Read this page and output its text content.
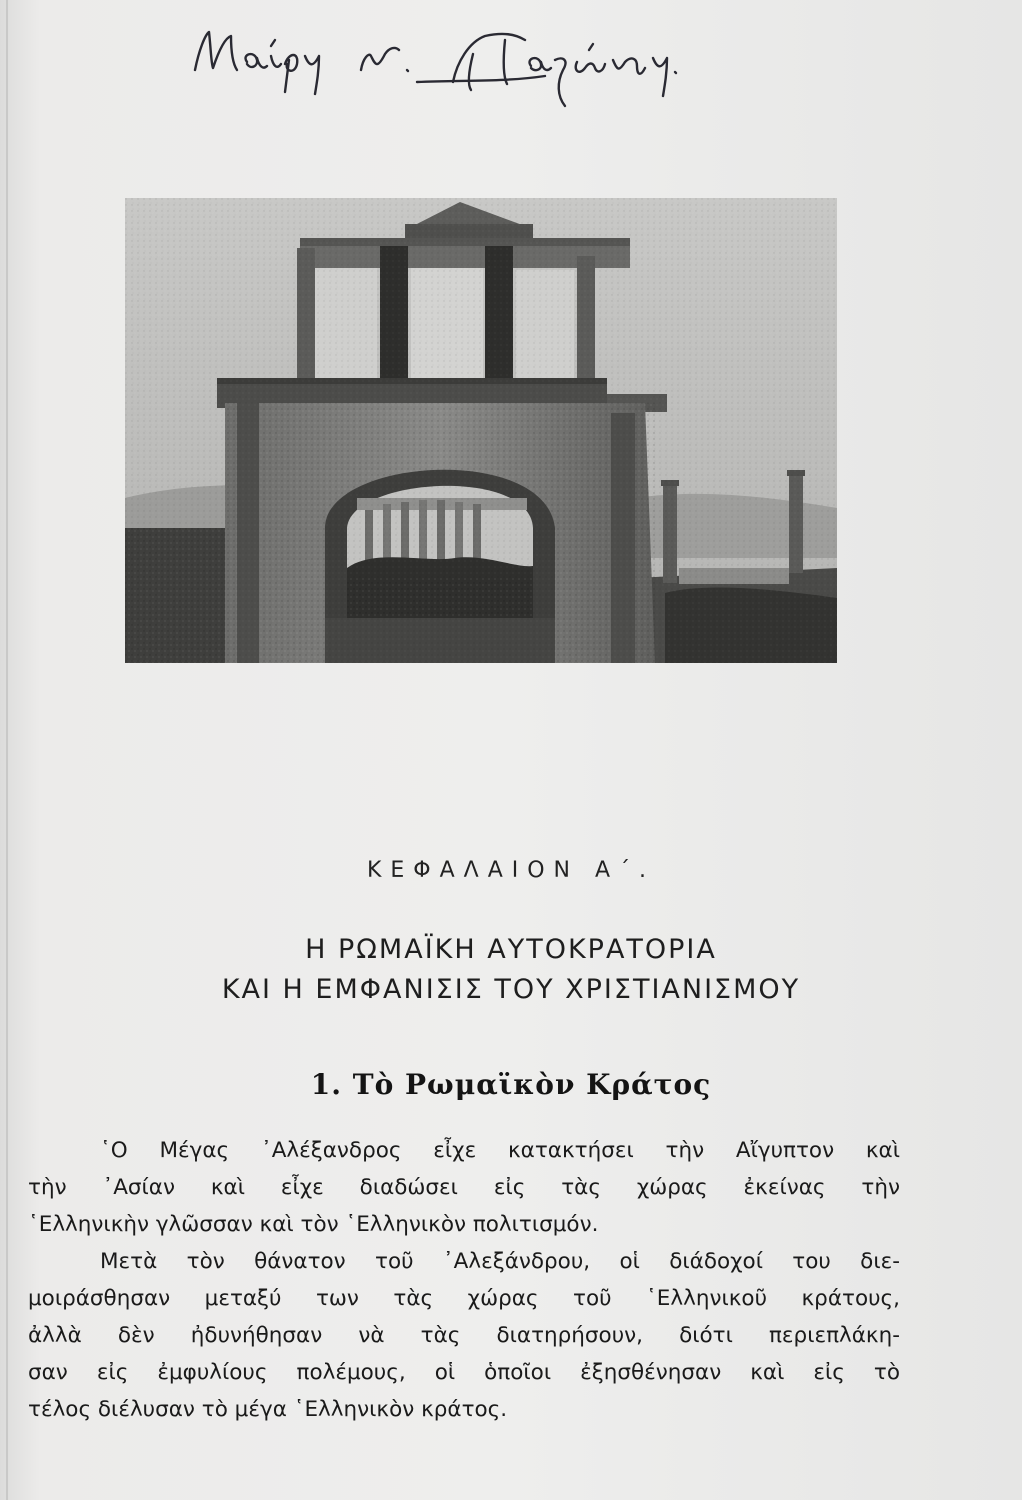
ΚΕΦΑΛΑΙΟΝ Α΄.
Η ΡΩΜΑΪΚΗ ΑΥΤΟΚΡΑΤΟΡΙΑ
ΚΑΙ Η ΕΜΦΑΝΙΣΙΣ ΤΟΥ ΧΡΙΣΤΙΑΝΙΣΜΟΥ
1. Τὸ Ρωμαϊκὸν Κράτος
῾Ο Μέγας ᾿Αλέξανδρος εἶχε κατακτήσει τὴν Αἴγυπτον καὶ
τὴν ᾿Ασίαν καὶ εἶχε διαδώσει εἰς τὰς χώρας ἐκείνας τὴν
῾Ελληνικὴν γλῶσσαν καὶ τὸν ῾Ελληνικὸν πολιτισμόν.
Μετὰ τὸν θάνατον τοῦ ᾿Αλεξάνδρου, οἱ διάδοχοί του διε-
μοιράσθησαν μεταξύ των τὰς χώρας τοῦ ῾Ελληνικοῦ κράτους,
ἀλλὰ δὲν ἠδυνήθησαν νὰ τὰς διατηρήσουν, διότι περιεπλάκη-
σαν εἰς ἐμφυλίους πολέμους, οἱ ὁποῖοι ἐξησθένησαν καὶ εἰς τὸ
τέλος διέλυσαν τὸ μέγα ῾Ελληνικὸν κράτος.
